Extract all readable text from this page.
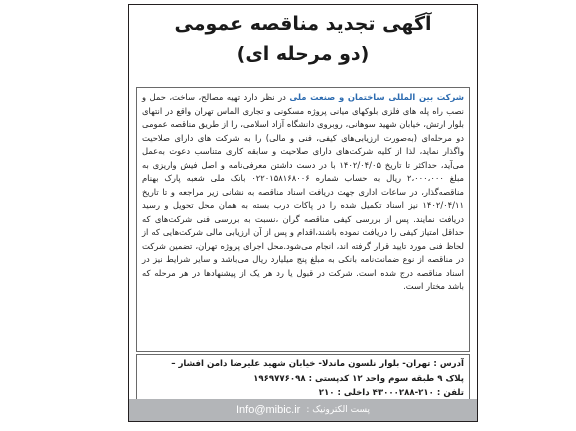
آگهی تجدید مناقصه عمومی
(دو مرحله ای)

شرکت بین المللی ساختمان و صنعت ملی در نظر دارد تهیه مصالح، ساخت، حمل و نصب راه پله های فلزی بلوکهای میانی پروژه مسکونی و تجاری الماس تهران واقع در انتهای بلوار ارتش، خیابان شهید سوهانی، روبروی دانشگاه آزاد اسلامی، را از طریق مناقصه عمومی دو مرحله‌ای (به‌صورت ارزیابی‌های کیفی، فنی و مالی) را به شرکت های دارای صلاحیت واگذار نماید، لذا از کلیه شرکت‌های دارای صلاحیت و سابقه کاری متناسب دعوت به‌عمل می‌آید، حداکثر تا تاریخ ۱۴۰۲/۰۴/۰۵ با در دست داشتن معرفی‌نامه و اصل فیش واریزی به مبلغ ۲،۰۰۰،۰۰۰ ریال به حساب شماره ۰۲۲۰۱۵۸۱۶۸۰۰۶ بانک ملی شعبه پارک بهنام مناقصه‌گذار، در ساعات اداری جهت دریافت اسناد مناقصه به نشانی زیر مراجعه و تا تاریخ ۱۴۰۲/۰۴/۱۱ نیز اسناد تکمیل شده را در پاکات درب بسته به همان محل تحویل و رسید دریافت نمایند. پس از بررسی کیفی مناقصه گران ،نسبت به بررسی فنی شرکت‌های که حداقل امتیاز کیفی را دریافت نموده باشند،اقدام و پس از آن ارزیابی مالی شرکت‌هایی که از لحاظ فنی مورد تایید قرار گرفته اند، انجام می‌شود.محل اجرای پروژه تهران، تضمین شرکت در مناقصه از نوع ضمانت‌نامه بانکی به مبلغ پنج میلیارد ریال می‌باشد و سایر شرایط نیز در اسناد مناقصه درج شده است. شرکت در قبول یا رد هر یک از پیشنهادها در هر مرحله که باشد مختار است.

آدرس : تهران- بلوار نلسون ماندلا- خیابان شهید علیرضا دامن افشار –
پلاک ۹ طبقه سوم واحد ۱۲ کدپستی : ۱۹۶۹۷۷۶۰۹۸
تلفن : ۲۱۰-۴۳۰۰۰۲۸۸ داخلی : ۲۱۰
پست الکترونیک :
Info@mibic.ir
